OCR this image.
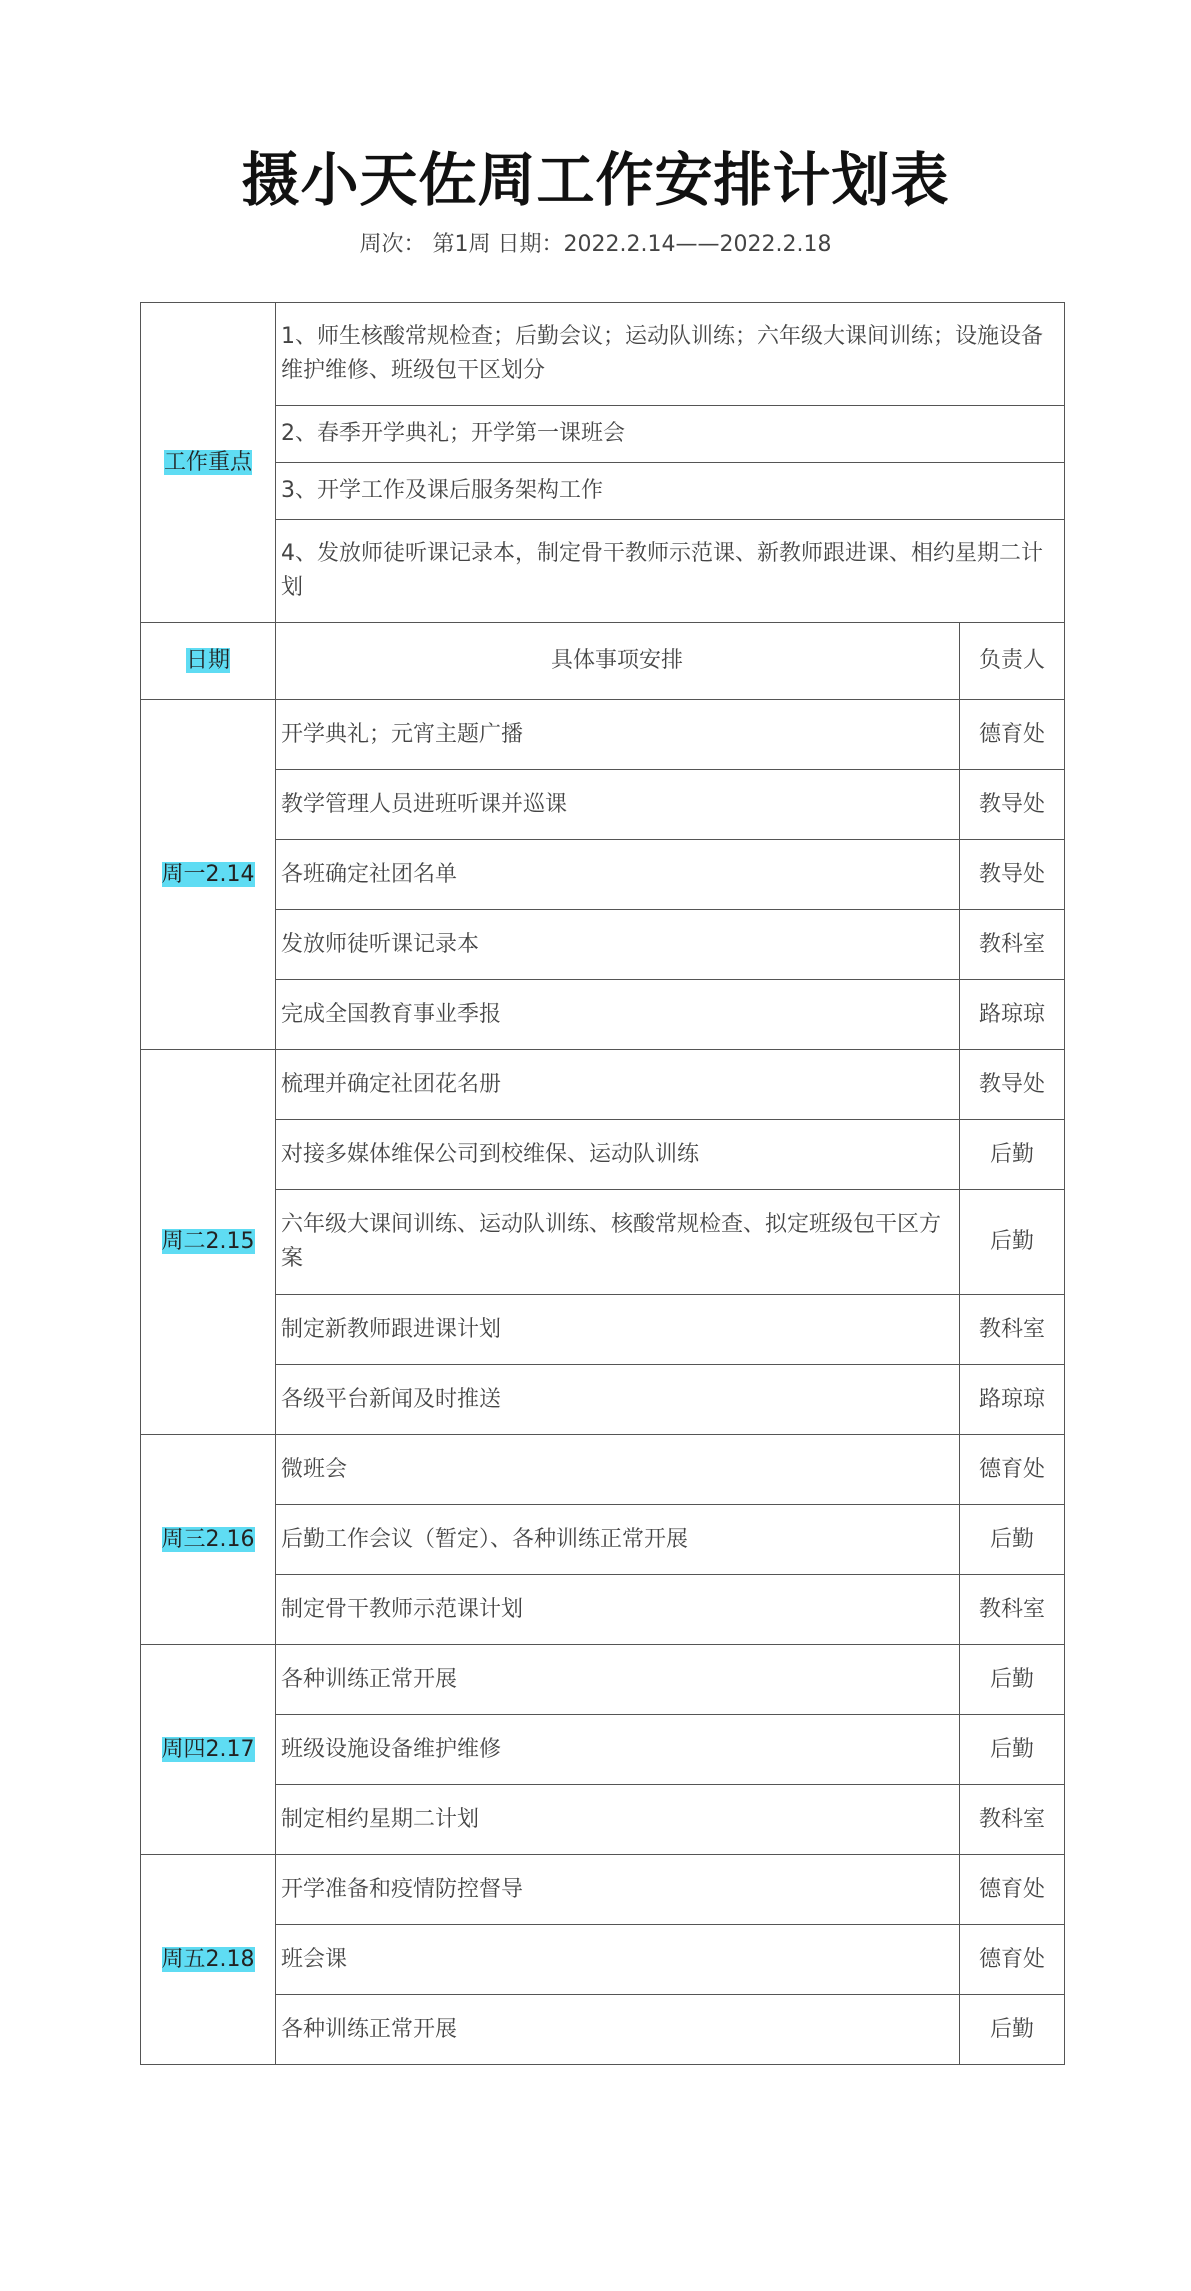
摄小天佐周工作安排计划表
周次： 第1周 日期：2022.2.14——2022.2.18
工作重点	1、师生核酸常规检查；后勤会议；运动队训练；六年级大课间训练；设施设备维护维修、班级包干区划分	
	2、春季开学典礼；开学第一课班会	
	3、开学工作及课后服务架构工作	
	4、发放师徒听课记录本，制定骨干教师示范课、新教师跟进课、相约星期二计划	
日期	具体事项安排	负责人
周一2.14	开学典礼；元宵主题广播	德育处
	教学管理人员进班听课并巡课	教导处
	各班确定社团名单	教导处
	发放师徒听课记录本	教科室
	完成全国教育事业季报	路琼琼
周二2.15	梳理并确定社团花名册	教导处
	对接多媒体维保公司到校维保、运动队训练	后勤
	六年级大课间训练、运动队训练、核酸常规检查、拟定班级包干区方案	后勤
	制定新教师跟进课计划	教科室
	各级平台新闻及时推送	路琼琼
周三2.16	微班会	德育处
	后勤工作会议（暂定）、各种训练正常开展	后勤
	制定骨干教师示范课计划	教科室
周四2.17	各种训练正常开展	后勤
	班级设施设备维护维修	后勤
	制定相约星期二计划	教科室
周五2.18	开学准备和疫情防控督导	德育处
	班会课	德育处
	各种训练正常开展	后勤
